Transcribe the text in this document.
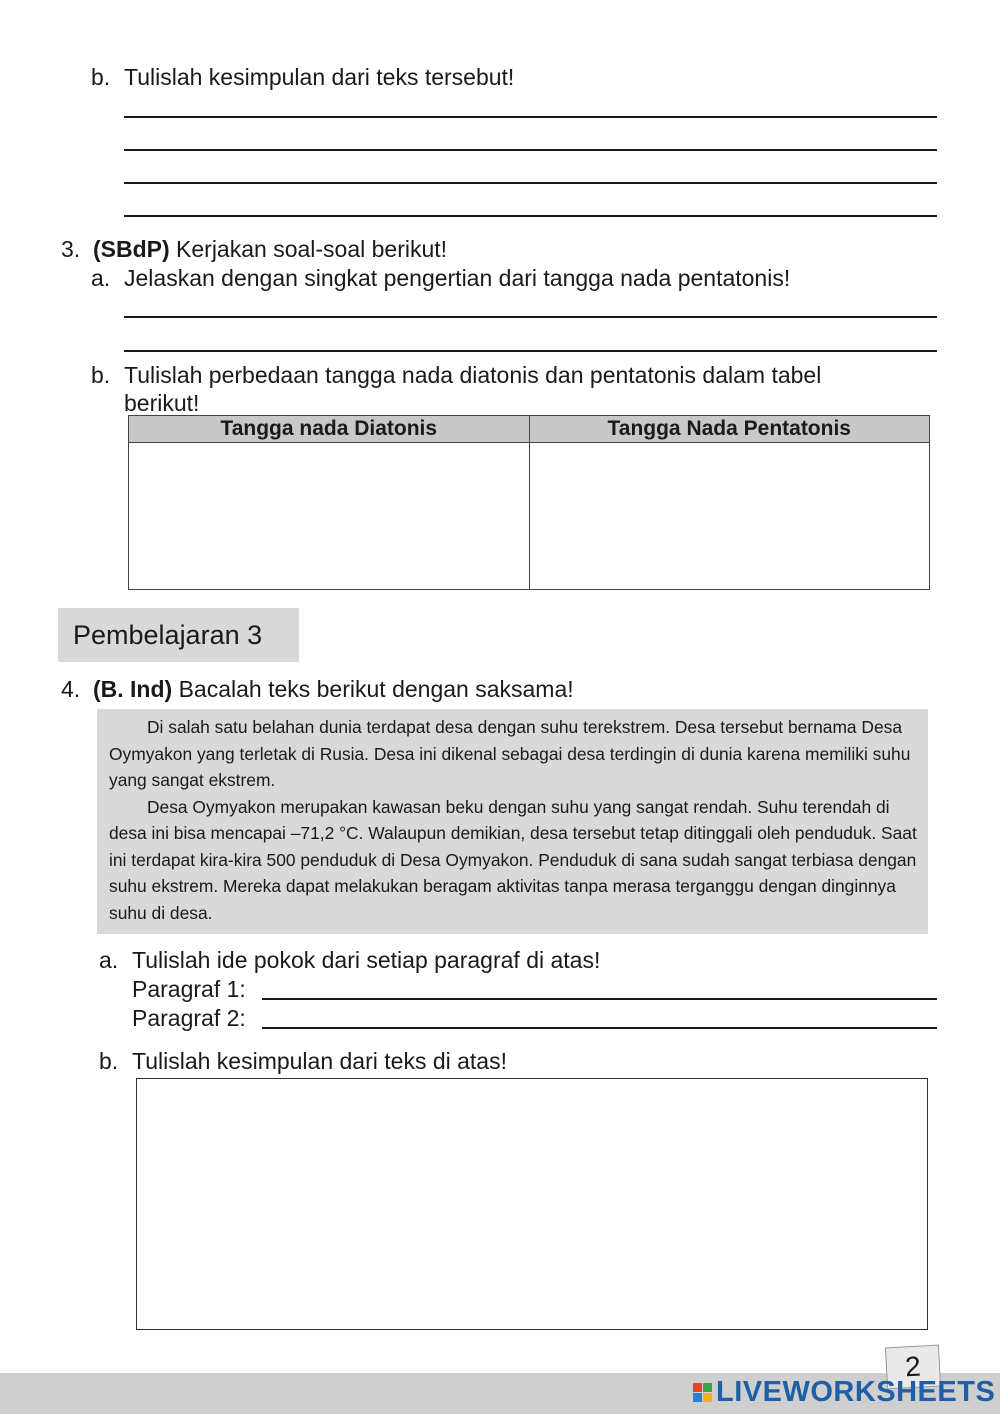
b. Tulislah kesimpulan dari teks tersebut!
3. (SBdP) Kerjakan soal-soal berikut!
a. Jelaskan dengan singkat pengertian dari tangga nada pentatonis!
b. Tulislah perbedaan tangga nada diatonis dan pentatonis dalam tabel
berikut!
Tangga nada Diatonis	Tangga Nada Pentatonis

Pembelajaran 3
4. (B. Ind) Bacalah teks berikut dengan saksama!

Di salah satu belahan dunia terdapat desa dengan suhu terekstrem. Desa tersebut bernama Desa Oymyakon yang terletak di Rusia. Desa ini dikenal sebagai desa terdingin di dunia karena memiliki suhu yang sangat ekstrem.

Desa Oymyakon merupakan kawasan beku dengan suhu yang sangat rendah. Suhu terendah di desa ini bisa mencapai –71,2 °C. Walaupun demikian, desa tersebut tetap ditinggali oleh penduduk. Saat ini terdapat kira-kira 500 penduduk di Desa Oymyakon. Penduduk di sana sudah sangat terbiasa dengan suhu ekstrem. Mereka dapat melakukan beragam aktivitas tanpa merasa terganggu dengan dinginnya suhu di desa.

a. Tulislah ide pokok dari setiap paragraf di atas!
Paragraf 1:
Paragraf 2:
b. Tulislah kesimpulan dari teks di atas!
2
LIVEWORKSHEETS
